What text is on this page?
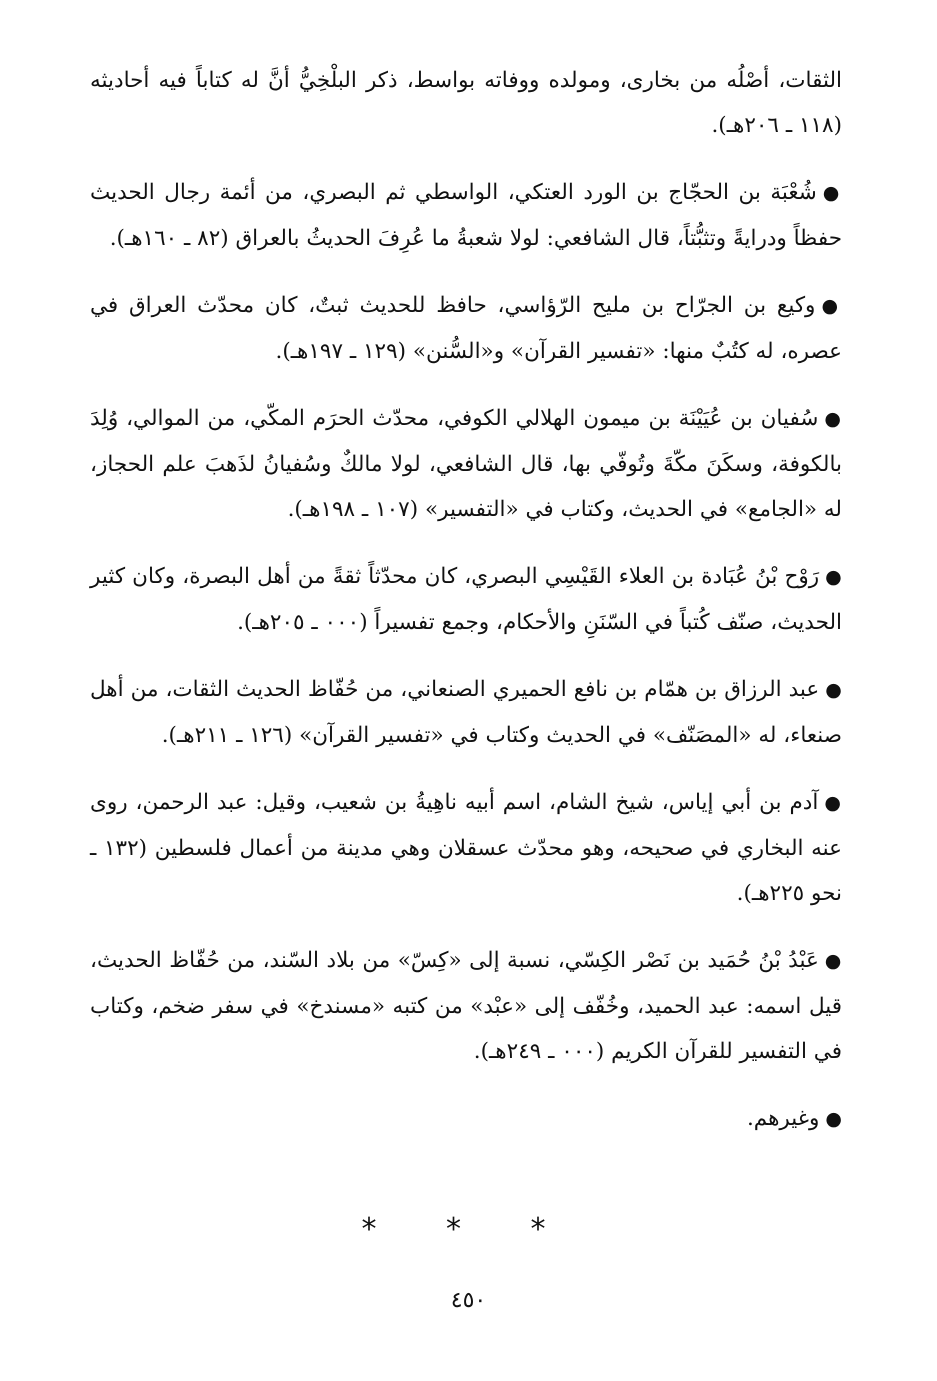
الثقات، أصْلُه من بخارى، ومولده ووفاته بواسط، ذكر البلْخِيُّ أنَّ له كتاباً فيه أحاديثه (١١٨ ـ ٢٠٦هـ).

●شُعْبَة بن الحجّاج بن الورد العتكي، الواسطي ثم البصري، من أئمة رجال الحديث حفظاً ودرايةً وتثبُّتاً، قال الشافعي: لولا شعبةُ ما عُرِفَ الحديثُ بالعراق (٨٢ ـ ١٦٠هـ).

●وكيع بن الجرّاح بن مليح الرّؤاسي، حافظ للحديث ثبتٌ، كان محدّث العراق في عصره، له كتُبٌ منها: «تفسير القرآن» و«السُّنن» (١٢٩ ـ ١٩٧هـ).

●سُفيان بن عُيَيْنَة بن ميمون الهلالي الكوفي، محدّث الحرَم المكّي، من الموالي، وُلِدَ بالكوفة، وسكَنَ مكّةَ وتُوفّي بها، قال الشافعي، لولا مالكٌ وسُفيانُ لذَهبَ علم الحجاز، له «الجامع» في الحديث، وكتاب في «التفسير» (١٠٧ ـ ١٩٨هـ).

●رَوْح بْنُ عُبَادة بن العلاء القَيْسِي البصري، كان محدّثاً ثقةً من أهل البصرة، وكان كثير الحديث، صنّف كُتباً في السّنَنِ والأحكام، وجمع تفسيراً (٠٠٠ ـ ٢٠٥هـ).

●عبد الرزاق بن همّام بن نافع الحميري الصنعاني، من حُفّاظ الحديث الثقات، من أهل صنعاء، له «المصَنّف» في الحديث وكتاب في «تفسير القرآن» (١٢٦ ـ ٢١١هـ).

●آدم بن أبي إياس، شيخ الشام، اسم أبيه ناهِيةُ بن شعيب، وقيل: عبد الرحمن، روى عنه البخاري في صحيحه، وهو محدّث عسقلان وهي مدينة من أعمال فلسطين (١٣٢ ـ نحو ٢٢٥هـ).

●عَبْدُ بْنُ حُمَيد بن نَصْر الكِسّي، نسبة إلى «كِسّ» من بلاد السّند، من حُفّاظ الحديث، قيل اسمه: عبد الحميد، وخُفّف إلى «عبْد» من كتبه «مسندخ» في سفر ضخم، وكتاب في التفسير للقرآن الكريم (٠٠٠ ـ ٢٤٩هـ).

●وغيرهم.

* * *
٤٥٠
